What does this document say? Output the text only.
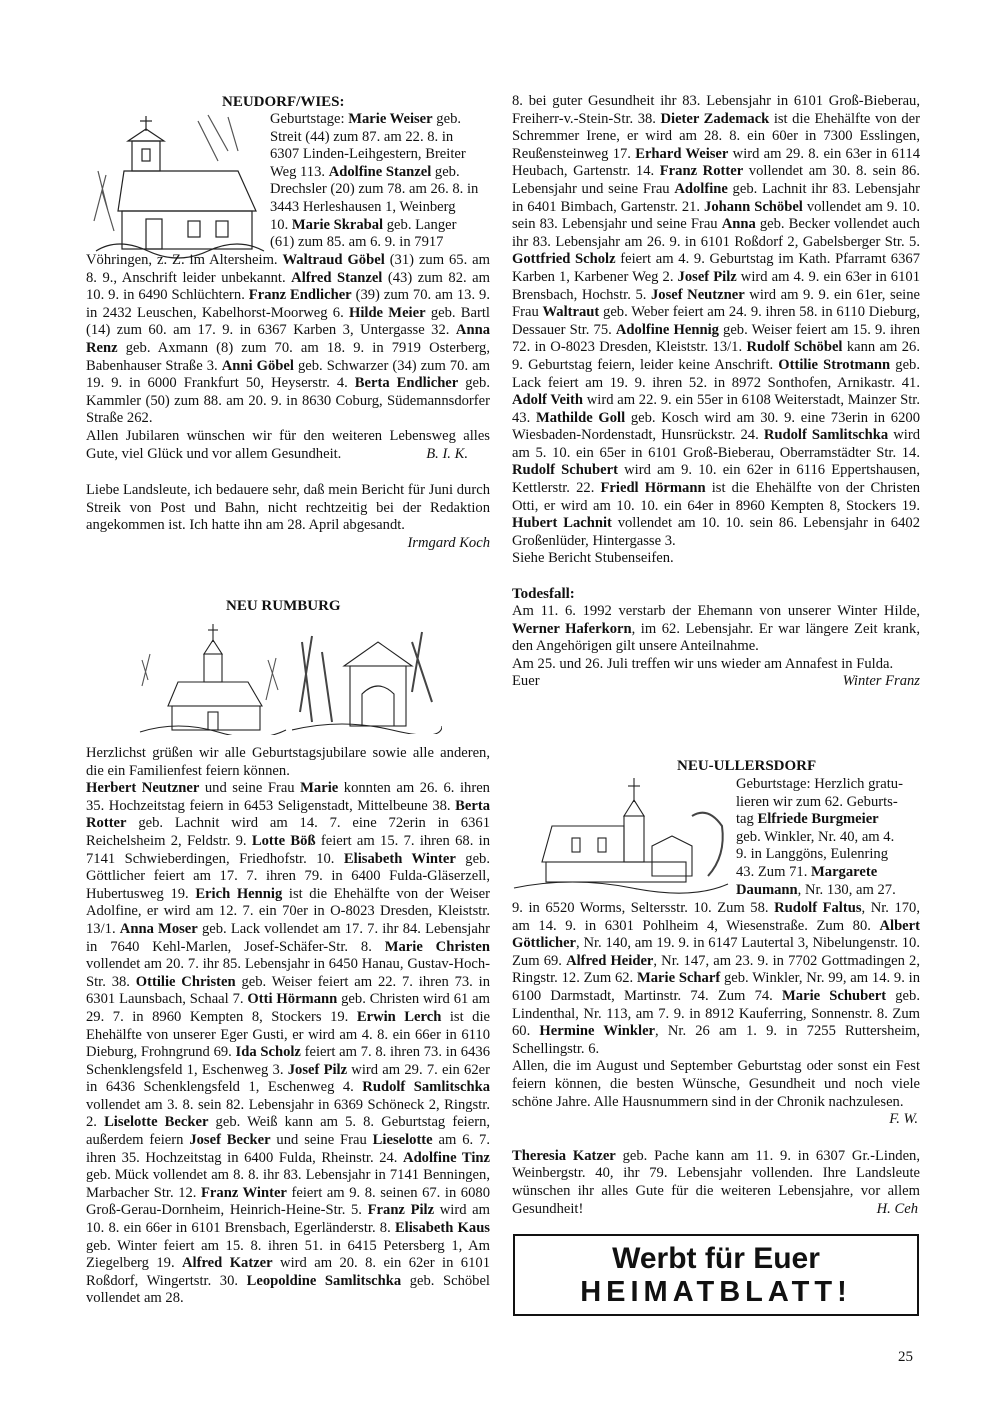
NEUDORF/WIES:

Geburtstage: Marie Weiser geb.

Streit (44) zum 87. am 22. 8. in

6307 Linden-Leihgestern, Breiter

Weg 113. Adolfine Stanzel geb.

Drechsler (20) zum 78. am 26. 8. in

3443 Herleshausen 1, Weinberg

10. Marie Skrabal geb. Langer

(61) zum 85. am 6. 9. in 7917

Vöhringen, z. Z. im Altersheim. Waltraud Göbel (31) zum 65. am 8. 9., Anschrift leider unbekannt. Alfred Stanzel (43) zum 82. am 10. 9. in 6490 Schlüchtern. Franz Endlicher (39) zum 70. am 13. 9. in 2432 Leuschen, Kabelhorst-Moorweg 6. Hilde Meier geb. Bartl (14) zum 60. am 17. 9. in 6367 Karben 3, Untergasse 32. Anna Renz geb. Axmann (8) zum 70. am 18. 9. in 7919 Osterberg, Babenhauser Straße 3. Anni Göbel geb. Schwarzer (34) zum 70. am 19. 9. in 6000 Frankfurt 50, Heyserstr. 4. Berta Endlicher geb. Kammler (50) zum 88. am 20. 9. in 8630 Coburg, Südemannsdorfer Straße 262.

Allen Jubilaren wünschen wir für den weiteren Lebensweg alles Gute, viel Glück und vor allem Gesundheit.	B. I. K.

Liebe Landsleute, ich bedauere sehr, daß mein Bericht für Juni durch Streik von Post und Bahn, nicht rechtzeitig bei der Redaktion angekommen ist. Ich hatte ihn am 28. April abgesandt.

Irmgard Koch
NEU RUMBURG

Herzlichst grüßen wir alle Geburtstagsjubilare sowie alle anderen, die ein Familienfest feiern können.
Herbert Neutzner und seine Frau Marie konnten am 26. 6. ihren 35. Hochzeitstag feiern in 6453 Seligenstadt, Mittelbeune 38. Berta Rotter geb. Lachnit wird am 14. 7. eine 72erin in 6361 Reichelsheim 2, Feldstr. 9. Lotte Böß feiert am 15. 7. ihren 68. in 7141 Schwieberdingen, Friedhofstr. 10. Elisabeth Winter geb. Göttlicher feiert am 17. 7. ihren 79. in 6400 Fulda-Gläserzell, Hubertusweg 19. Erich Hennig ist die Ehehälfte von der Weiser Adolfine, er wird am 12. 7. ein 70er in O-8023 Dresden, Kleiststr. 13/1. Anna Moser geb. Lack vollendet am 17. 7. ihr 84. Lebensjahr in 7640 Kehl-Marlen, Josef-Schäfer-Str. 8. Marie Christen vollendet am 20. 7. ihr 85. Lebensjahr in 6450 Hanau, Gustav-Hoch-Str. 38. Ottilie Christen geb. Weiser feiert am 22. 7. ihren 73. in 6301 Launsbach, Schaal 7. Otti Hörmann geb. Christen wird 61 am 29. 7. in 8960 Kempten 8, Stockers 19. Erwin Lerch ist die Ehehälfte von unserer Eger Gusti, er wird am 4. 8. ein 66er in 6110 Dieburg, Frohngrund 69. Ida Scholz feiert am 7. 8. ihren 73. in 6436 Schenklengsfeld 1, Eschenweg 3. Josef Pilz wird am 29. 7. ein 62er in 6436 Schenklengsfeld 1, Eschenweg 4. Rudolf Samlitschka vollendet am 3. 8. sein 82. Lebensjahr in 6369 Schöneck 2, Ringstr. 2. Liselotte Becker geb. Weiß kann am 5. 8. Geburtstag feiern, außerdem feiern Josef Becker und seine Frau Lieselotte am 6. 7. ihren 35. Hochzeitstag in 6400 Fulda, Rheinstr. 24. Adolfine Tinz geb. Mück vollendet am 8. 8. ihr 83. Lebensjahr in 7141 Benningen, Marbacher Str. 12. Franz Winter feiert am 9. 8. seinen 67. in 6080 Groß-Gerau-Dornheim, Heinrich-Heine-Str. 5. Franz Pilz wird am 10. 8. ein 66er in 6101 Brensbach, Egerländerstr. 8. Elisabeth Kaus geb. Winter feiert am 15. 8. ihren 51. in 6415 Petersberg 1, Am Ziegelberg 19. Alfred Katzer wird am 20. 8. ein 62er in 6101 Roßdorf, Wingertstr. 30. Leopoldine Samlitschka geb. Schöbel vollendet am 28.

8. bei guter Gesundheit ihr 83. Lebensjahr in 6101 Groß-Bieberau, Freiherr-v.-Stein-Str. 38. Dieter Zademack ist die Ehehälfte von der Schremmer Irene, er wird am 28. 8. ein 60er in 7300 Esslingen, Reußensteinweg 17. Erhard Weiser wird am 29. 8. ein 63er in 6114 Heubach, Gartenstr. 14. Franz Rotter vollendet am 30. 8. sein 86. Lebensjahr und seine Frau Adolfine geb. Lachnit ihr 83. Lebensjahr in 6401 Bimbach, Gartenstr. 21. Johann Schöbel vollendet am 9. 10. sein 83. Lebensjahr und seine Frau Anna geb. Becker vollendet auch ihr 83. Lebensjahr am 26. 9. in 6101 Roßdorf 2, Gabelsberger Str. 5. Gottfried Scholz feiert am 4. 9. Geburtstag im Kath. Pfarramt 6367 Karben 1, Karbener Weg 2. Josef Pilz wird am 4. 9. ein 63er in 6101 Brensbach, Hochstr. 5. Josef Neutzner wird am 9. 9. ein 61er, seine Frau Waltraut geb. Weber feiert am 24. 9. ihren 58. in 6110 Dieburg, Dessauer Str. 75. Adolfine Hennig geb. Weiser feiert am 15. 9. ihren 72. in O-8023 Dresden, Kleiststr. 13/1. Rudolf Schöbel kann am 26. 9. Geburtstag feiern, leider keine Anschrift. Ottilie Strotmann geb. Lack feiert am 19. 9. ihren 52. in 8972 Sonthofen, Arnikastr. 41. Adolf Veith wird am 22. 9. ein 55er in 6108 Weiterstadt, Mainzer Str. 43. Mathilde Goll geb. Kosch wird am 30. 9. eine 73erin in 6200 Wiesbaden-Nordenstadt, Hunsrückstr. 24. Rudolf Samlitschka wird am 5. 10. ein 65er in 6101 Groß-Bieberau, Oberramstädter Str. 14. Rudolf Schubert wird am 9. 10. ein 62er in 6116 Eppertshausen, Kettlerstr. 22. Friedl Hörmann ist die Ehehälfte von der Christen Otti, er wird am 10. 10. ein 64er in 8960 Kempten 8, Stockers 19. Hubert Lachnit vollendet am 10. 10. sein 86. Lebensjahr in 6402 Großenlüder, Hintergasse 3.
Siehe Bericht Stubenseifen.

Todesfall:

Am 11. 6. 1992 verstarb der Ehemann von unserer Winter Hilde, Werner Haferkorn, im 62. Lebensjahr. Er war längere Zeit krank, den Angehörigen gilt unsere Anteilnahme.
Am 25. und 26. Juli treffen wir uns wieder am Annafest in Fulda.

Euer	Winter Franz
NEU-ULLERSDORF

Geburtstage: Herzlich gratu-

lieren wir zum 62. Geburts-

tag Elfriede Burgmeier

geb. Winkler, Nr. 40, am 4.

9. in Langgöns, Eulenring

43. Zum 71. Margarete

Daumann, Nr. 130, am 27.

9. in 6520 Worms, Seltersstr. 10. Zum 58. Rudolf Faltus, Nr. 170, am 14. 9. in 6301 Pohlheim 4, Wiesenstraße. Zum 80. Albert Göttlicher, Nr. 140, am 19. 9. in 6147 Lautertal 3, Nibelungenstr. 10. Zum 69. Alfred Heider, Nr. 147, am 23. 9. in 7702 Gottmadingen 2, Ringstr. 12. Zum 62. Marie Scharf geb. Winkler, Nr. 99, am 14. 9. in 6100 Darmstadt, Martinstr. 74. Zum 74. Marie Schubert geb. Lindenthal, Nr. 113, am 7. 9. in 8912 Kauferring, Sonnenstr. 8. Zum 60. Hermine Winkler, Nr. 26 am 1. 9. in 7255 Ruttersheim, Schellingstr. 6.

Allen, die im August und September Geburtstag oder sonst ein Fest feiern können, die besten Wünsche, Gesundheit und noch viele schöne Jahre. Alle Hausnummern sind in der Chronik nachzulesen.

F. W.

Theresia Katzer geb. Pache kann am 11. 9. in 6307 Gr.-Linden, Weinbergstr. 40, ihr 79. Lebensjahr vollenden. Ihre Landsleute wünschen ihr alles Gute für die weiteren Lebensjahre, vor allem Gesundheit!	H. Ceh
Werbt für Euer
HEIMATBLATT!
25
